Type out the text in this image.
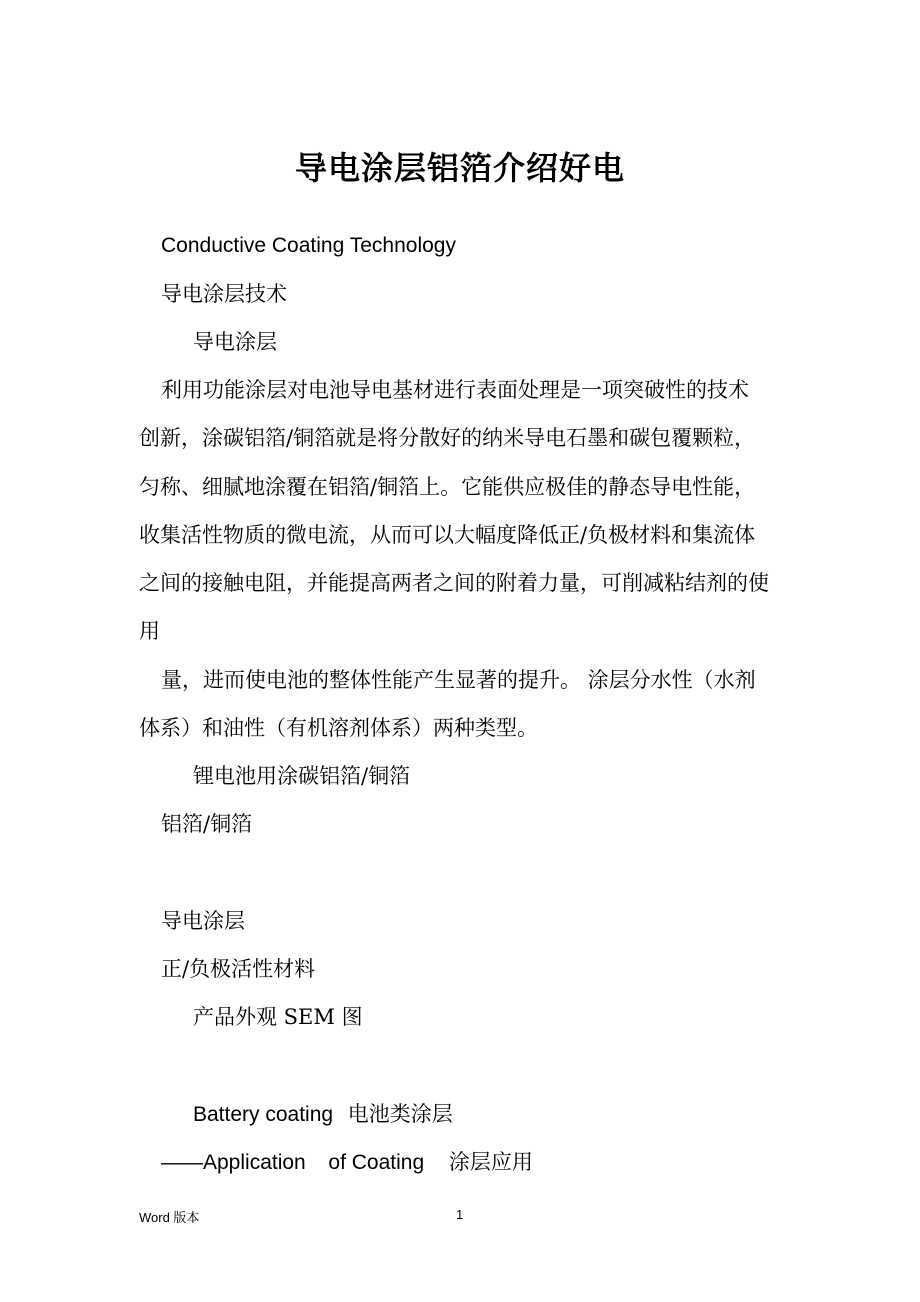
导电涂层铝箔介绍好电
Conductive Coating Technology
导电涂层技术
导电涂层
利用功能涂层对电池导电基材进行表面处理是一项突破性的技术
创新，涂碳铝箔/铜箔就是将分散好的纳米导电石墨和碳包覆颗粒，
匀称、细腻地涂覆在铝箔/铜箔上。它能供应极佳的静态导电性能，
收集活性物质的微电流，从而可以大幅度降低正/负极材料和集流体
之间的接触电阻，并能提高两者之间的附着力量，可削减粘结剂的使
用
量，进而使电池的整体性能产生显著的提升。 涂层分水性（水剂
体系）和油性（有机溶剂体系）两种类型。
锂电池用涂碳铝箔/铜箔
铝箔/铜箔
导电涂层
正/负极活性材料
产品外观 SEM 图
Battery coating 电池类涂层
——Application of Coating 涂层应用
Word 版本	1
